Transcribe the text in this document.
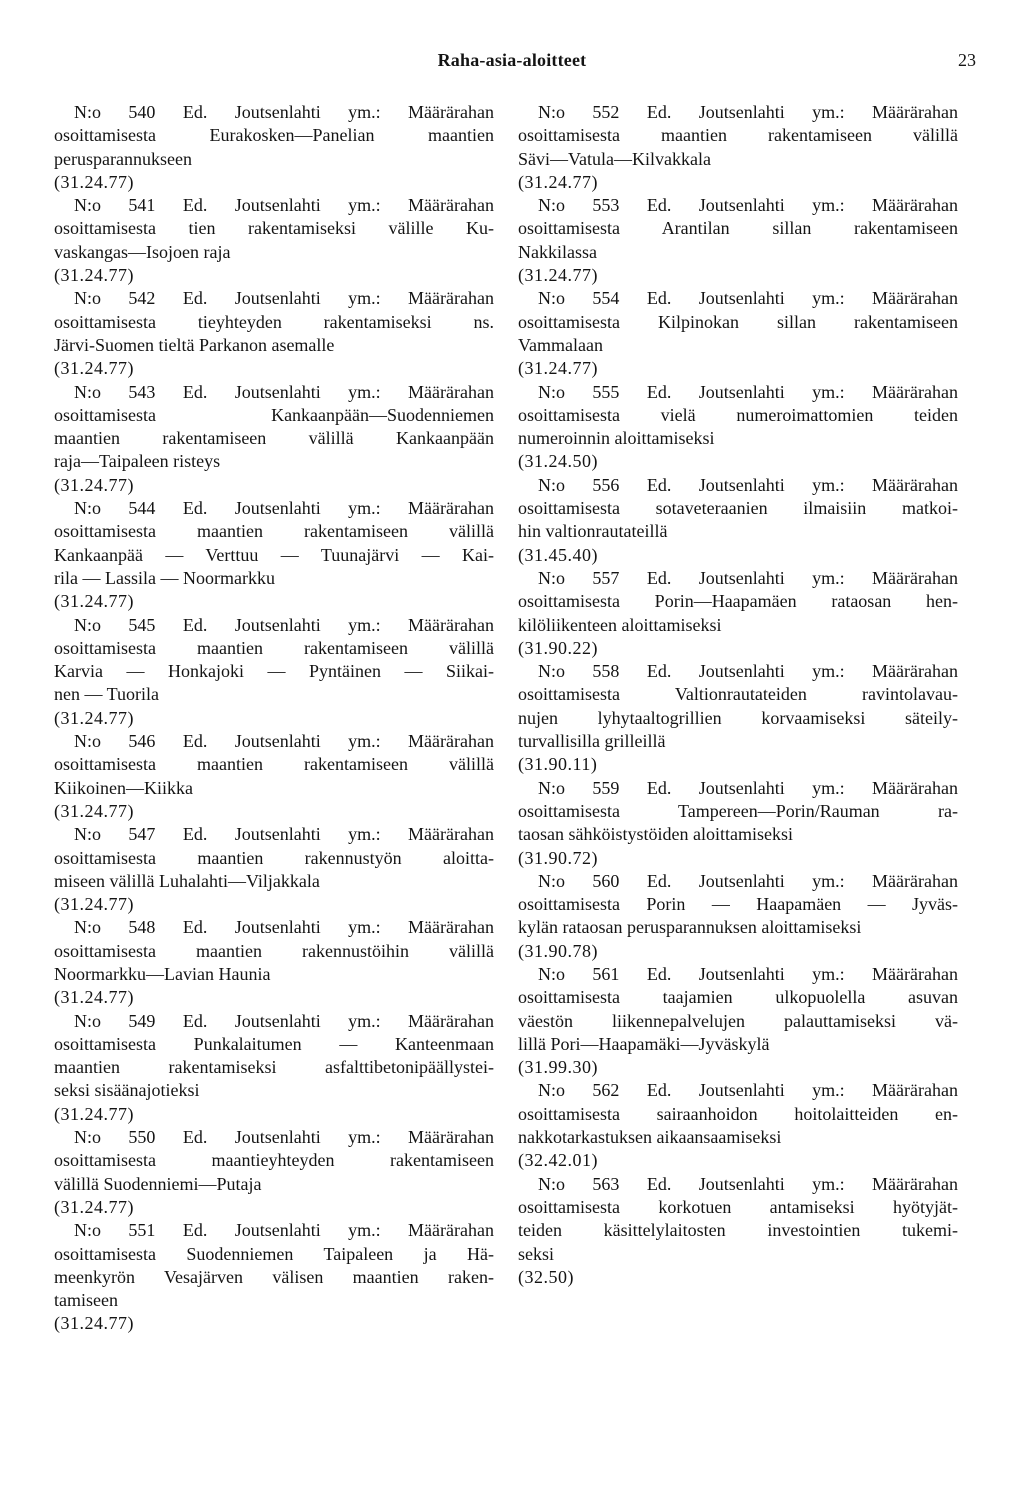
Raha-asia-aloitteet	23
N:o 540 Ed. Joutsenlahti ym.: Määrärahan
osoittamisesta Eurakosken—Panelian maantien
perusparannukseen
(31.24.77)
N:o 541 Ed. Joutsenlahti ym.: Määrärahan
osoittamisesta tien rakentamiseksi välille Ku-
vaskangas—Isojoen raja
(31.24.77)
N:o 542 Ed. Joutsenlahti ym.: Määrärahan
osoittamisesta tieyhteyden rakentamiseksi ns.
Järvi-Suomen tieltä Parkanon asemalle
(31.24.77)
N:o 543 Ed. Joutsenlahti ym.: Määrärahan
osoittamisesta Kankaanpään—Suodenniemen
maantien rakentamiseen välillä Kankaanpään
raja—Taipaleen risteys
(31.24.77)
N:o 544 Ed. Joutsenlahti ym.: Määrärahan
osoittamisesta maantien rakentamiseen välillä
Kankaanpää — Verttuu — Tuunajärvi — Kai-
rila — Lassila — Noormarkku
(31.24.77)
N:o 545 Ed. Joutsenlahti ym.: Määrärahan
osoittamisesta maantien rakentamiseen välillä
Karvia — Honkajoki — Pyntäinen — Siikai-
nen — Tuorila
(31.24.77)
N:o 546 Ed. Joutsenlahti ym.: Määrärahan
osoittamisesta maantien rakentamiseen välillä
Kiikoinen—Kiikka
(31.24.77)
N:o 547 Ed. Joutsenlahti ym.: Määrärahan
osoittamisesta maantien rakennustyön aloitta-
miseen välillä Luhalahti—Viljakkala
(31.24.77)
N:o 548 Ed. Joutsenlahti ym.: Määrärahan
osoittamisesta maantien rakennustöihin välillä
Noormarkku—Lavian Haunia
(31.24.77)
N:o 549 Ed. Joutsenlahti ym.: Määrärahan
osoittamisesta Punkalaitumen — Kanteenmaan
maantien rakentamiseksi asfalttibetonipäällystei-
seksi sisäänajotieksi
(31.24.77)
N:o 550 Ed. Joutsenlahti ym.: Määrärahan
osoittamisesta maantieyhteyden rakentamiseen
välillä Suodenniemi—Putaja
(31.24.77)
N:o 551 Ed. Joutsenlahti ym.: Määrärahan
osoittamisesta Suodenniemen Taipaleen ja Hä-
meenkyrön Vesajärven välisen maantien raken-
tamiseen
(31.24.77)
N:o 552 Ed. Joutsenlahti ym.: Määrärahan
osoittamisesta maantien rakentamiseen välillä
Sävi—Vatula—Kilvakkala
(31.24.77)
N:o 553 Ed. Joutsenlahti ym.: Määrärahan
osoittamisesta Arantilan sillan rakentamiseen
Nakkilassa
(31.24.77)
N:o 554 Ed. Joutsenlahti ym.: Määrärahan
osoittamisesta Kilpinokan sillan rakentamiseen
Vammalaan
(31.24.77)
N:o 555 Ed. Joutsenlahti ym.: Määrärahan
osoittamisesta vielä numeroimattomien teiden
numeroinnin aloittamiseksi
(31.24.50)
N:o 556 Ed. Joutsenlahti ym.: Määrärahan
osoittamisesta sotaveteraanien ilmaisiin matkoi-
hin valtionrautateillä
(31.45.40)
N:o 557 Ed. Joutsenlahti ym.: Määrärahan
osoittamisesta Porin—Haapamäen rataosan hen-
kilöliikenteen aloittamiseksi
(31.90.22)
N:o 558 Ed. Joutsenlahti ym.: Määrärahan
osoittamisesta Valtionrautateiden ravintolavau-
nujen lyhytaaltogrillien korvaamiseksi säteily-
turvallisilla grilleillä
(31.90.11)
N:o 559 Ed. Joutsenlahti ym.: Määrärahan
osoittamisesta Tampereen—Porin/Rauman ra-
taosan sähköistystöiden aloittamiseksi
(31.90.72)
N:o 560 Ed. Joutsenlahti ym.: Määrärahan
osoittamisesta Porin — Haapamäen — Jyväs-
kylän rataosan perusparannuksen aloittamiseksi
(31.90.78)
N:o 561 Ed. Joutsenlahti ym.: Määrärahan
osoittamisesta taajamien ulkopuolella asuvan
väestön liikennepalvelujen palauttamiseksi vä-
lillä Pori—Haapamäki—Jyväskylä
(31.99.30)
N:o 562 Ed. Joutsenlahti ym.: Määrärahan
osoittamisesta sairaanhoidon hoitolaitteiden en-
nakkotarkastuksen aikaansaamiseksi
(32.42.01)
N:o 563 Ed. Joutsenlahti ym.: Määrärahan
osoittamisesta korkotuen antamiseksi hyötyjät-
teiden käsittelylaitosten investointien tukemi-
seksi
(32.50)
